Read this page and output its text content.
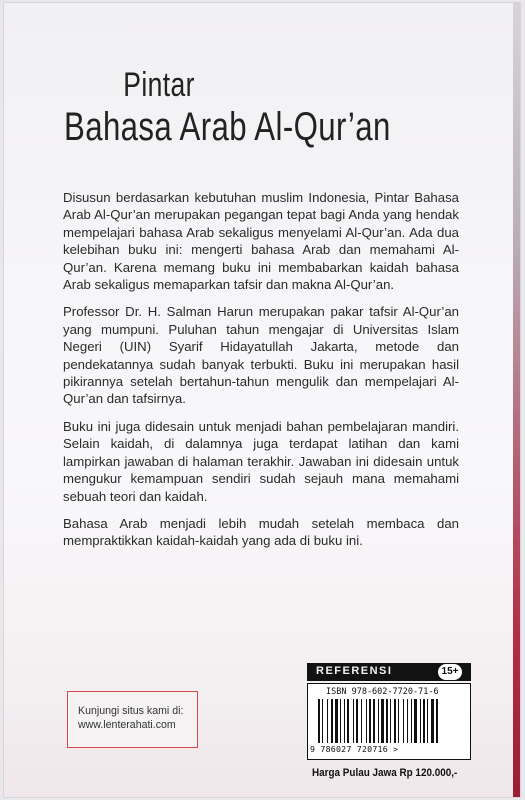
Pintar
Bahasa Arab Al-Qur’an

Disusun berdasarkan kebutuhan muslim Indonesia, Pintar Bahasa Arab Al-Qur’an merupakan pegangan tepat bagi Anda yang hendak mempelajari bahasa Arab sekaligus menyelami Al-Qur’an. Ada dua kelebihan buku ini: mengerti bahasa Arab dan memahami Al-Qur’an. Karena memang buku ini membabarkan kaidah bahasa Arab sekaligus memaparkan tafsir dan makna Al-Qur’an.

Professor Dr. H. Salman Harun merupakan pakar tafsir Al-Qur’an yang mumpuni. Puluhan tahun mengajar di Universitas Islam Negeri (UIN) Syarif Hidayatullah Jakarta, metode dan pendekatannya sudah banyak terbukti. Buku ini merupakan hasil pikirannya setelah bertahun-tahun mengulik dan mempelajari Al-Qur’an dan tafsirnya.

Buku ini juga didesain untuk menjadi bahan pembelajaran mandiri. Selain kaidah, di dalamnya juga terdapat latihan dan kami lampirkan jawaban di halaman terakhir. Jawaban ini didesain untuk mengukur kemampuan sendiri sudah sejauh mana memahami sebuah teori dan kaidah.

Bahasa Arab menjadi lebih mudah setelah membaca dan mempraktikkan kaidah-kaidah yang ada di buku ini.

Kunjungi situs kami di:
www.lenterahati.com
REFERENSI	15+
ISBN 978-602-7720-71-6
9 786027 720716 >
Harga Pulau Jawa Rp 120.000,-
